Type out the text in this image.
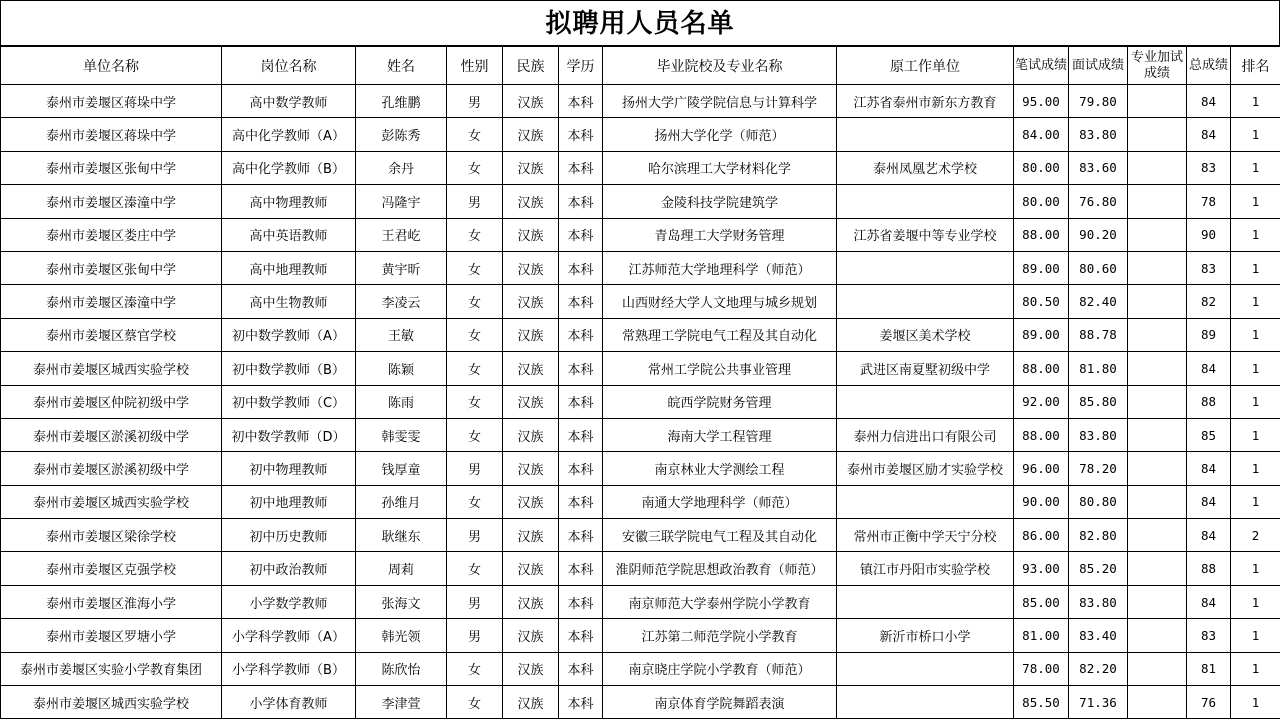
拟聘用人员名单
单位名称	岗位名称	姓名	性别	民族	学历	毕业院校及专业名称	原工作单位	笔试成绩	面试成绩	专业加试成绩	总成绩	排名
泰州市姜堰区蒋垛中学	高中数学教师	孔维鹏	男	汉族	本科	扬州大学广陵学院信息与计算科学	江苏省泰州市新东方教育	95.00	79.80		84	1
泰州市姜堰区蒋垛中学	高中化学教师（A）	彭陈秀	女	汉族	本科	扬州大学化学（师范）		84.00	83.80		84	1
泰州市姜堰区张甸中学	高中化学教师（B）	余丹	女	汉族	本科	哈尔滨理工大学材料化学	泰州凤凰艺术学校	80.00	83.60		83	1
泰州市姜堰区溱潼中学	高中物理教师	冯隆宇	男	汉族	本科	金陵科技学院建筑学		80.00	76.80		78	1
泰州市姜堰区娄庄中学	高中英语教师	王君屹	女	汉族	本科	青岛理工大学财务管理	江苏省姜堰中等专业学校	88.00	90.20		90	1
泰州市姜堰区张甸中学	高中地理教师	黄宇昕	女	汉族	本科	江苏师范大学地理科学（师范）		89.00	80.60		83	1
泰州市姜堰区溱潼中学	高中生物教师	李凌云	女	汉族	本科	山西财经大学人文地理与城乡规划		80.50	82.40		82	1
泰州市姜堰区蔡官学校	初中数学教师（A）	王敏	女	汉族	本科	常熟理工学院电气工程及其自动化	姜堰区美术学校	89.00	88.78		89	1
泰州市姜堰区城西实验学校	初中数学教师（B）	陈颖	女	汉族	本科	常州工学院公共事业管理	武进区南夏墅初级中学	88.00	81.80		84	1
泰州市姜堰区仲院初级中学	初中数学教师（C）	陈雨	女	汉族	本科	皖西学院财务管理		92.00	85.80		88	1
泰州市姜堰区淤溪初级中学	初中数学教师（D）	韩雯雯	女	汉族	本科	海南大学工程管理	泰州力信进出口有限公司	88.00	83.80		85	1
泰州市姜堰区淤溪初级中学	初中物理教师	钱厚童	男	汉族	本科	南京林业大学测绘工程	泰州市姜堰区励才实验学校	96.00	78.20		84	1
泰州市姜堰区城西实验学校	初中地理教师	孙维月	女	汉族	本科	南通大学地理科学（师范）		90.00	80.80		84	1
泰州市姜堰区梁徐学校	初中历史教师	耿继东	男	汉族	本科	安徽三联学院电气工程及其自动化	常州市正衡中学天宁分校	86.00	82.80		84	2
泰州市姜堰区克强学校	初中政治教师	周莉	女	汉族	本科	淮阴师范学院思想政治教育（师范）	镇江市丹阳市实验学校	93.00	85.20		88	1
泰州市姜堰区淮海小学	小学数学教师	张海文	男	汉族	本科	南京师范大学泰州学院小学教育		85.00	83.80		84	1
泰州市姜堰区罗塘小学	小学科学教师（A）	韩光领	男	汉族	本科	江苏第二师范学院小学教育	新沂市桥口小学	81.00	83.40		83	1
泰州市姜堰区实验小学教育集团	小学科学教师（B）	陈欣怡	女	汉族	本科	南京晓庄学院小学教育（师范）		78.00	82.20		81	1
泰州市姜堰区城西实验学校	小学体育教师	李津萱	女	汉族	本科	南京体育学院舞蹈表演		85.50	71.36		76	1
